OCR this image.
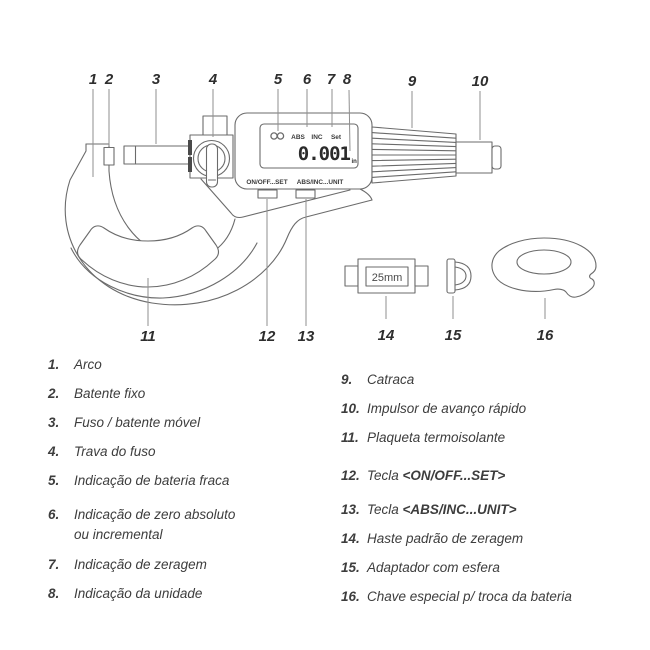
ABS INC Set
0.001 in
ON/OFF...SET ABS/INC...UNIT
25mm
1 2	3	4	5 6 7 8	9	10
11	12 13	14	15	16
1.	Arco
2.	Batente fixo
3.	Fuso / batente móvel
4.	Trava do fuso
5.	Indicação de bateria fraca
6.	Indicação de zero absoluto
ou incremental
7.	Indicação de zeragem
8.	Indicação da unidade
9.	Catraca
10. Impulsor de avanço rápido
11. Plaqueta termoisolante
12. Tecla <ON/OFF...SET>
13. Tecla <ABS/INC...UNIT>
14. Haste padrão de zeragem
15. Adaptador com esfera
16. Chave especial p/ troca da bateria
